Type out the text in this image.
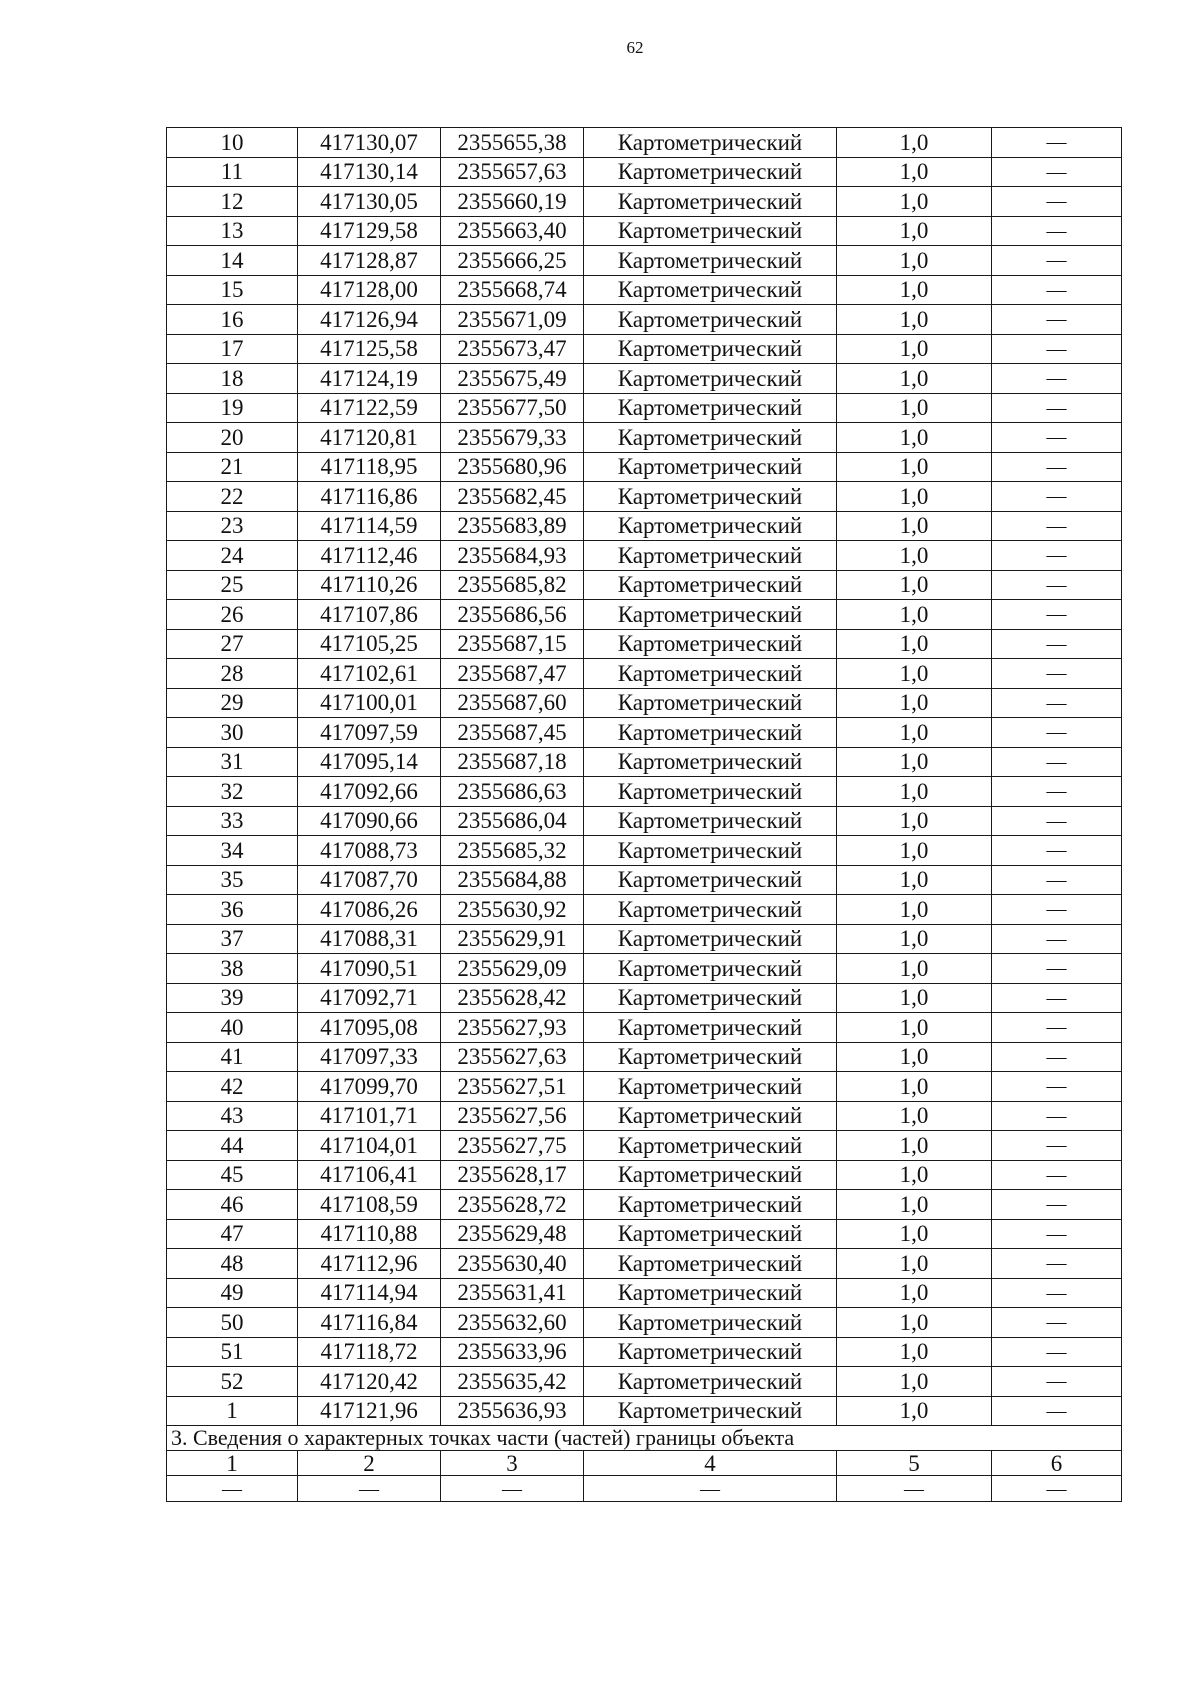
62
10	417130,07	2355655,38	Картометрический	1,0	—
11	417130,14	2355657,63	Картометрический	1,0	—
12	417130,05	2355660,19	Картометрический	1,0	—
13	417129,58	2355663,40	Картометрический	1,0	—
14	417128,87	2355666,25	Картометрический	1,0	—
15	417128,00	2355668,74	Картометрический	1,0	—
16	417126,94	2355671,09	Картометрический	1,0	—
17	417125,58	2355673,47	Картометрический	1,0	—
18	417124,19	2355675,49	Картометрический	1,0	—
19	417122,59	2355677,50	Картометрический	1,0	—
20	417120,81	2355679,33	Картометрический	1,0	—
21	417118,95	2355680,96	Картометрический	1,0	—
22	417116,86	2355682,45	Картометрический	1,0	—
23	417114,59	2355683,89	Картометрический	1,0	—
24	417112,46	2355684,93	Картометрический	1,0	—
25	417110,26	2355685,82	Картометрический	1,0	—
26	417107,86	2355686,56	Картометрический	1,0	—
27	417105,25	2355687,15	Картометрический	1,0	—
28	417102,61	2355687,47	Картометрический	1,0	—
29	417100,01	2355687,60	Картометрический	1,0	—
30	417097,59	2355687,45	Картометрический	1,0	—
31	417095,14	2355687,18	Картометрический	1,0	—
32	417092,66	2355686,63	Картометрический	1,0	—
33	417090,66	2355686,04	Картометрический	1,0	—
34	417088,73	2355685,32	Картометрический	1,0	—
35	417087,70	2355684,88	Картометрический	1,0	—
36	417086,26	2355630,92	Картометрический	1,0	—
37	417088,31	2355629,91	Картометрический	1,0	—
38	417090,51	2355629,09	Картометрический	1,0	—
39	417092,71	2355628,42	Картометрический	1,0	—
40	417095,08	2355627,93	Картометрический	1,0	—
41	417097,33	2355627,63	Картометрический	1,0	—
42	417099,70	2355627,51	Картометрический	1,0	—
43	417101,71	2355627,56	Картометрический	1,0	—
44	417104,01	2355627,75	Картометрический	1,0	—
45	417106,41	2355628,17	Картометрический	1,0	—
46	417108,59	2355628,72	Картометрический	1,0	—
47	417110,88	2355629,48	Картометрический	1,0	—
48	417112,96	2355630,40	Картометрический	1,0	—
49	417114,94	2355631,41	Картометрический	1,0	—
50	417116,84	2355632,60	Картометрический	1,0	—
51	417118,72	2355633,96	Картометрический	1,0	—
52	417120,42	2355635,42	Картометрический	1,0	—
1	417121,96	2355636,93	Картометрический	1,0	—
3. Сведения о характерных точках части (частей) границы объекта					
1	2	3	4	5	6
—	—	—	—	—	—
